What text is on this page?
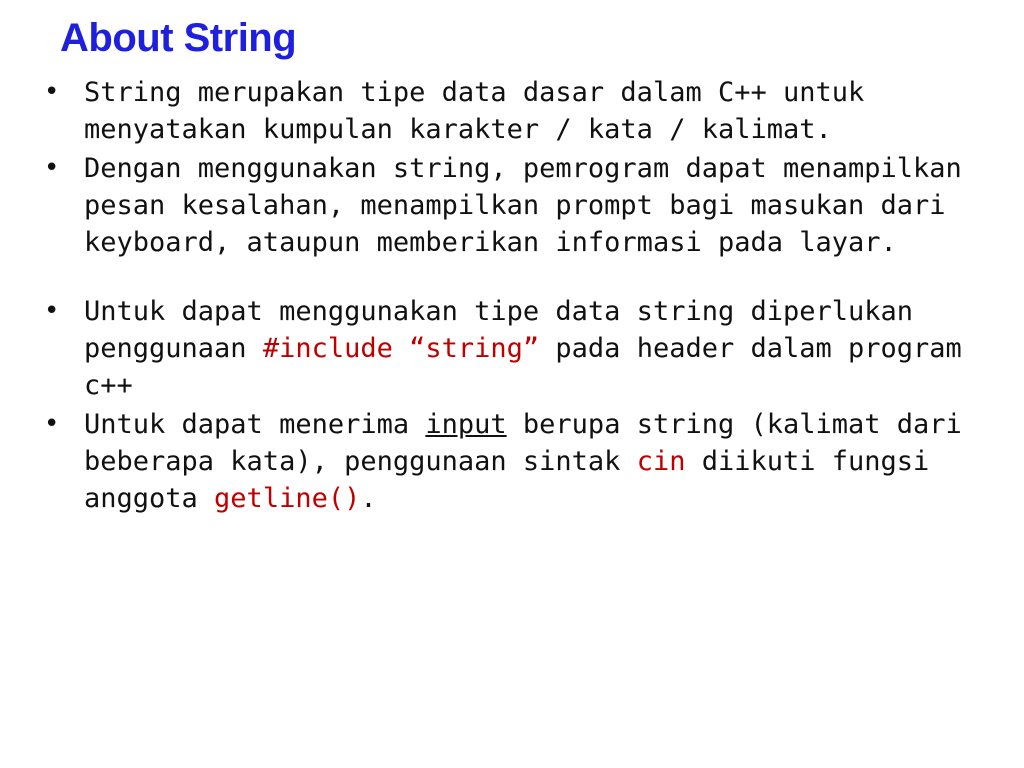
About String
• String merupakan tipe data dasar dalam C++ untuk menyatakan kumpulan karakter / kata / kalimat.
• Dengan menggunakan string, pemrogram dapat menampilkan pesan kesalahan, menampilkan prompt bagi masukan dari keyboard, ataupun memberikan informasi pada layar.
• Untuk dapat menggunakan tipe data string diperlukan penggunaan #include “string” pada header dalam program c++
• Untuk dapat menerima input berupa string (kalimat dari beberapa kata), penggunaan sintak cin diikuti fungsi anggota getline().
